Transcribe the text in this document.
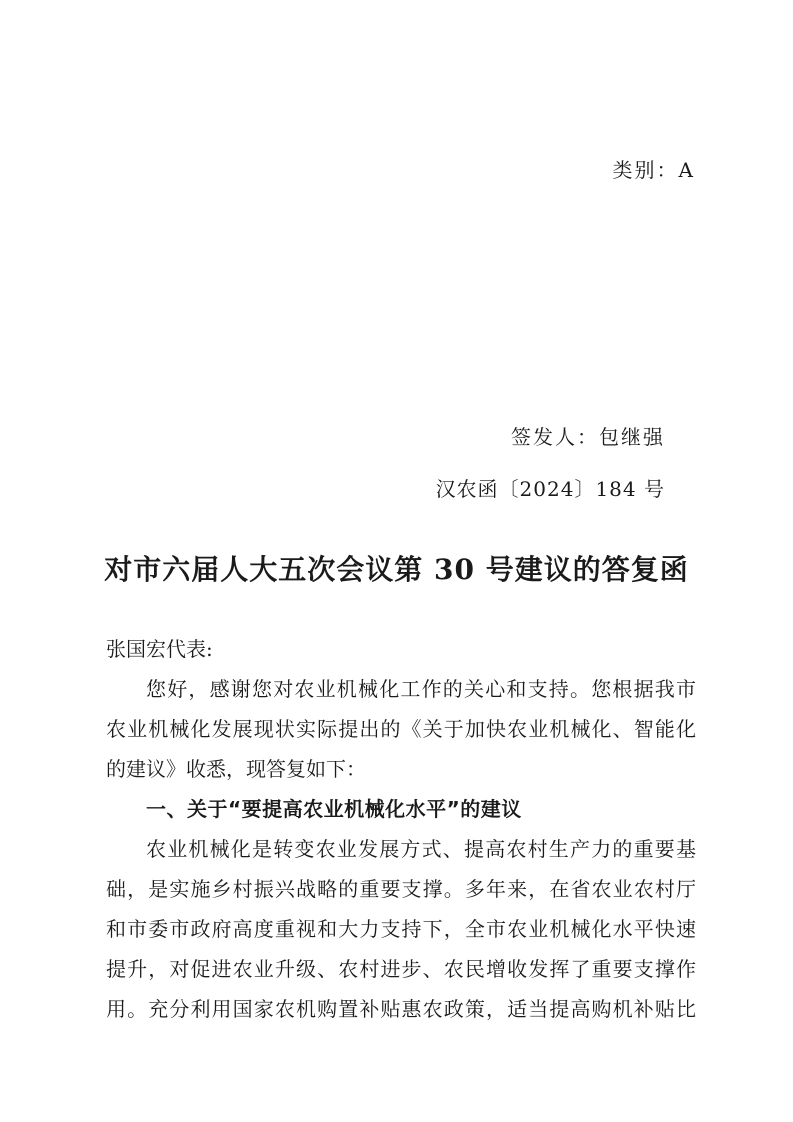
类别：A
签发人：包继强
汉农函〔2024〕184 号
对市六届人大五次会议第 30 号建议的答复函
张国宏代表:
您好，感谢您对农业机械化工作的关心和支持。您根据我市
农业机械化发展现状实际提出的《关于加快农业机械化、智能化
的建议》收悉，现答复如下：
一、关于“要提高农业机械化水平”的建议
农业机械化是转变农业发展方式、提高农村生产力的重要基
础，是实施乡村振兴战略的重要支撑。多年来，在省农业农村厅
和市委市政府高度重视和大力支持下，全市农业机械化水平快速
提升，对促进农业升级、农村进步、农民增收发挥了重要支撑作
用。充分利用国家农机购置补贴惠农政策，适当提高购机补贴比
